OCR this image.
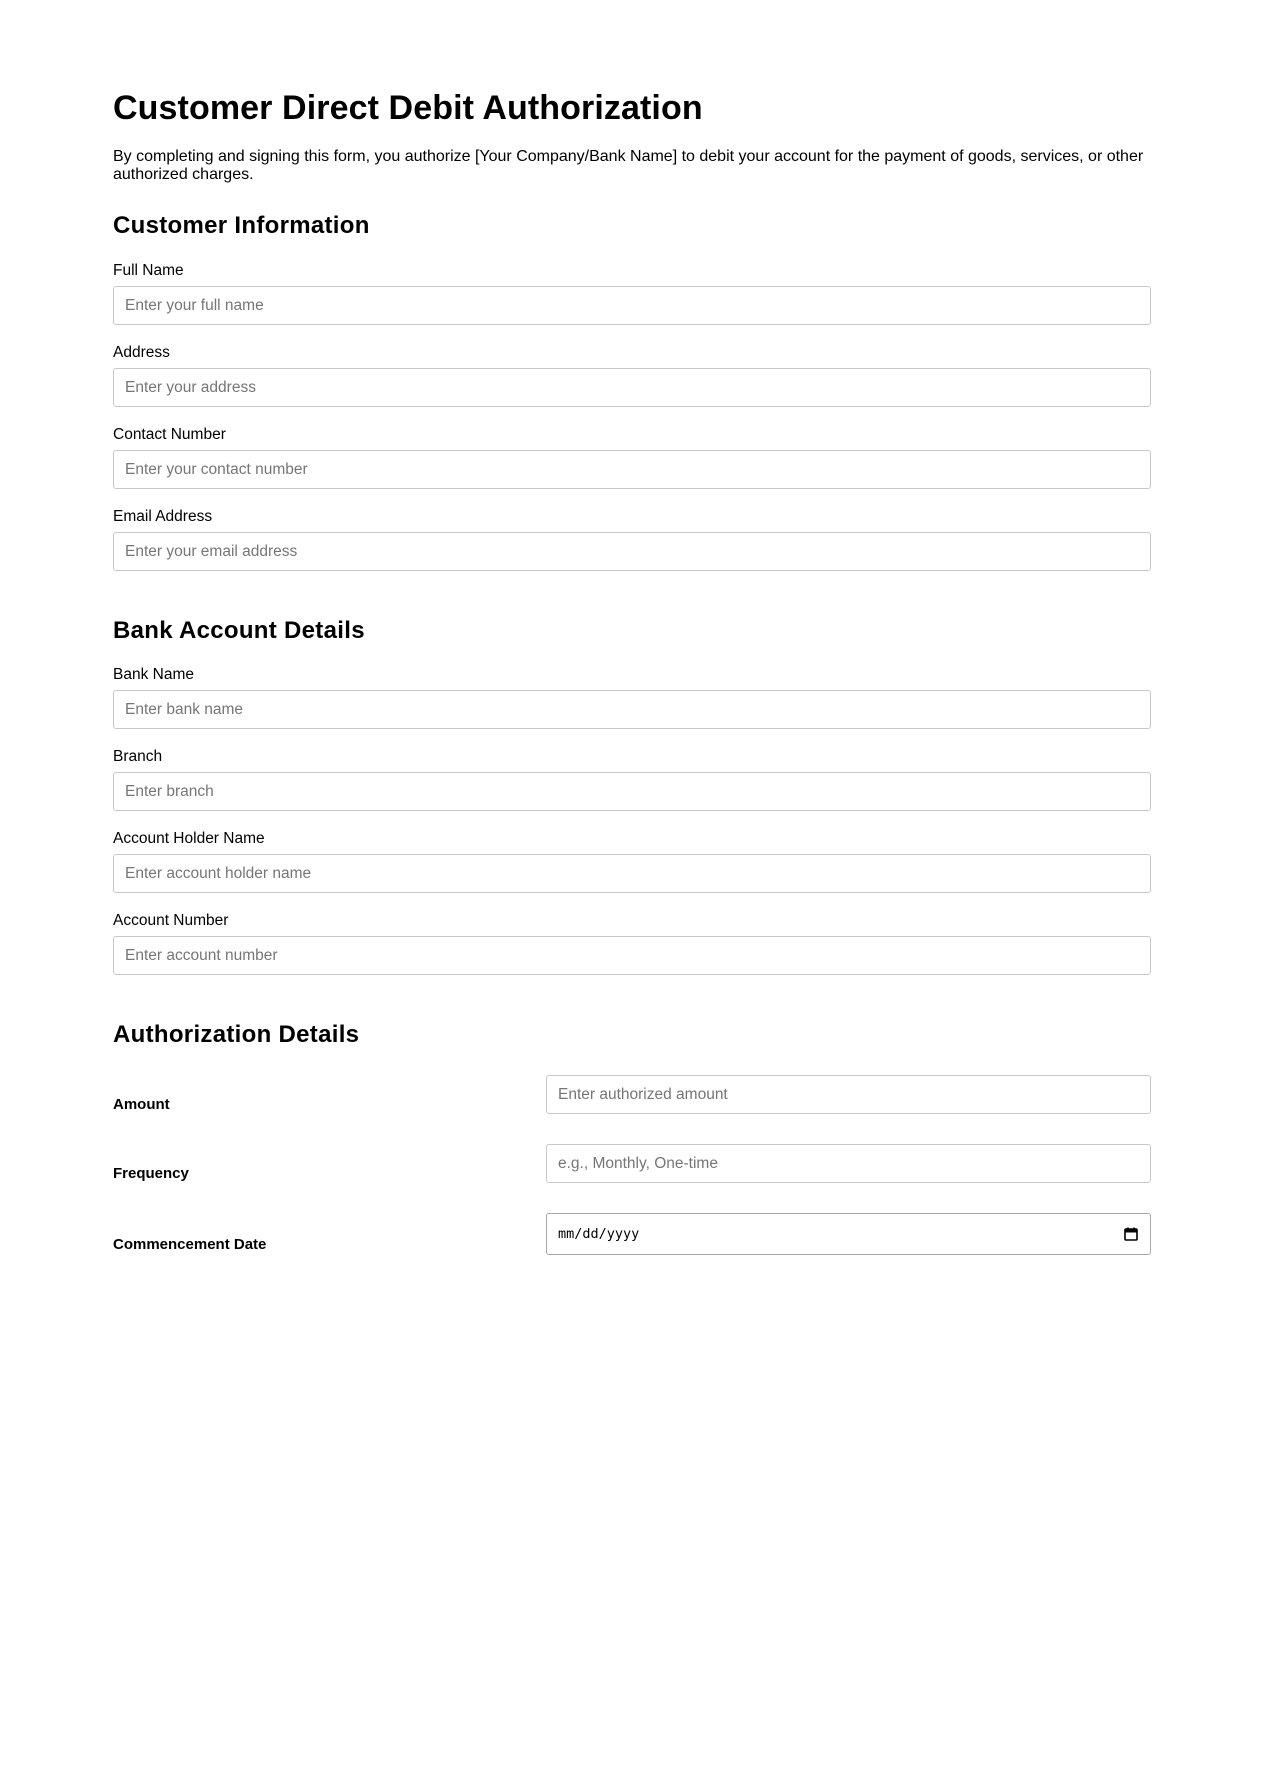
Customer Direct Debit Authorization

By completing and signing this form, you authorize [Your Company/Bank Name] to debit your account for the payment of goods, services, or other authorized charges.

Customer Information
Full Name
Enter your full name
Address
Enter your address
Contact Number
Enter your contact number
Email Address
Enter your email address
Bank Account Details
Bank Name
Enter bank name
Branch
Enter branch
Account Holder Name
Enter account holder name
Account Number
Enter account number
Authorization Details
Amount
Enter authorized amount
Frequency
e.g., Monthly, One-time
Commencement Date
mm/dd/yyyy
